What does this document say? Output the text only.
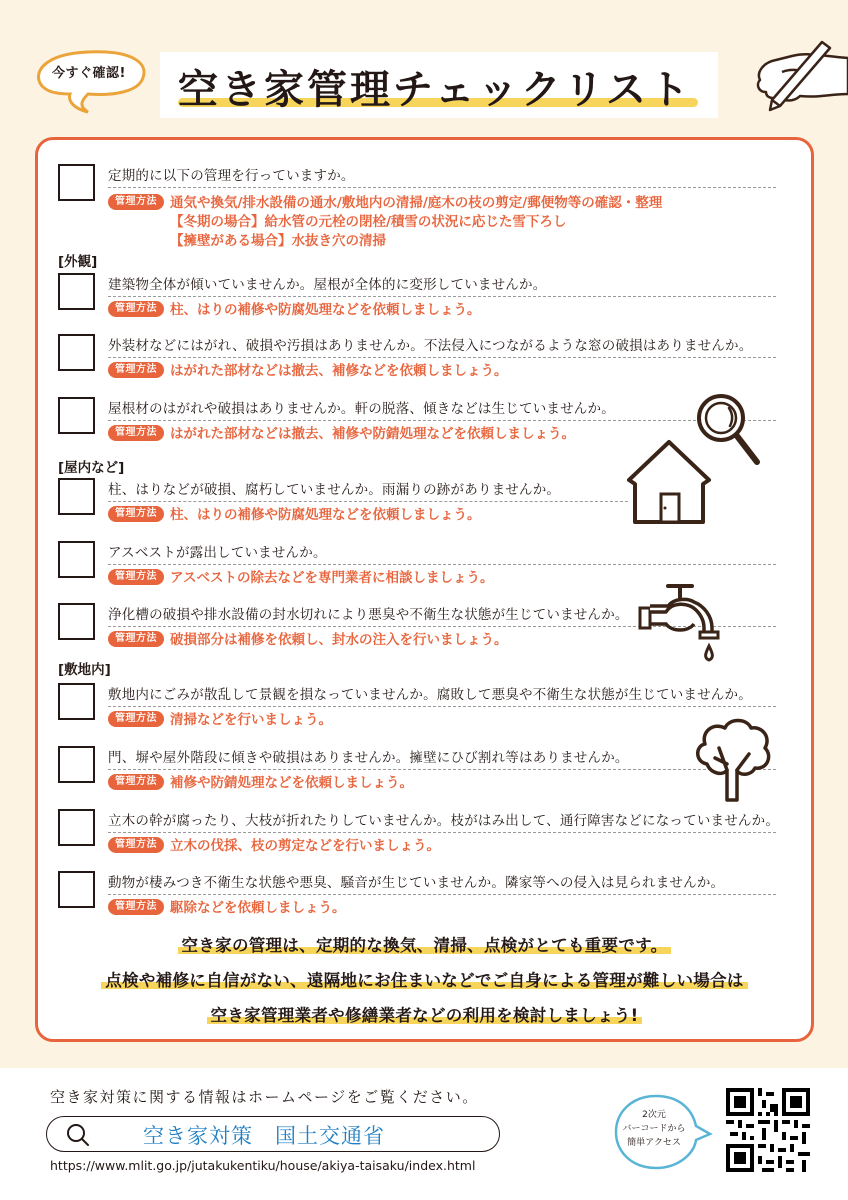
今すぐ確認!	空き家管理チェックリスト
定期的に以下の管理を行っていますか。
管理方法 通気や換気/排水設備の通水/敷地内の清掃/庭木の枝の剪定/郵便物等の確認・整理
【冬期の場合】給水管の元栓の閉栓/積雪の状況に応じた雪下ろし
【擁壁がある場合】水抜き穴の清掃
[外観]
建築物全体が傾いていませんか。屋根が全体的に変形していませんか。
管理方法 柱、はりの補修や防腐処理などを依頼しましょう。
外装材などにはがれ、破損や汚損はありませんか。不法侵入につながるような窓の破損はありませんか。
管理方法 はがれた部材などは撤去、補修などを依頼しましょう。
屋根材のはがれや破損はありませんか。軒の脱落、傾きなどは生じていませんか。
管理方法 はがれた部材などは撤去、補修や防錆処理などを依頼しましょう。
[屋内など]
柱、はりなどが破損、腐朽していませんか。雨漏りの跡がありませんか。
管理方法 柱、はりの補修や防腐処理などを依頼しましょう。
アスベストが露出していませんか。
管理方法 アスベストの除去などを専門業者に相談しましょう。
浄化槽の破損や排水設備の封水切れにより悪臭や不衛生な状態が生じていませんか。
管理方法 破損部分は補修を依頼し、封水の注入を行いましょう。
[敷地内]
敷地内にごみが散乱して景観を損なっていませんか。腐敗して悪臭や不衛生な状態が生じていませんか。
管理方法 清掃などを行いましょう。
門、塀や屋外階段に傾きや破損はありませんか。擁壁にひび割れ等はありませんか。
管理方法 補修や防錆処理などを依頼しましょう。
立木の幹が腐ったり、大枝が折れたりしていませんか。枝がはみ出して、通行障害などになっていませんか。
管理方法 立木の伐採、枝の剪定などを行いましょう。
動物が棲みつき不衛生な状態や悪臭、騒音が生じていませんか。隣家等への侵入は見られませんか。
管理方法 駆除などを依頼しましょう。
空き家の管理は、定期的な換気、清掃、点検がとても重要です。
点検や補修に自信がない、遠隔地にお住まいなどでご自身による管理が難しい場合は
空き家管理業者や修繕業者などの利用を検討しましょう!
空き家対策に関する情報はホームページをご覧ください。
空き家対策　国土交通省
https://www.mlit.go.jp/jutakukentiku/house/akiya-taisaku/index.html
2次元
バーコードから
簡単アクセス
